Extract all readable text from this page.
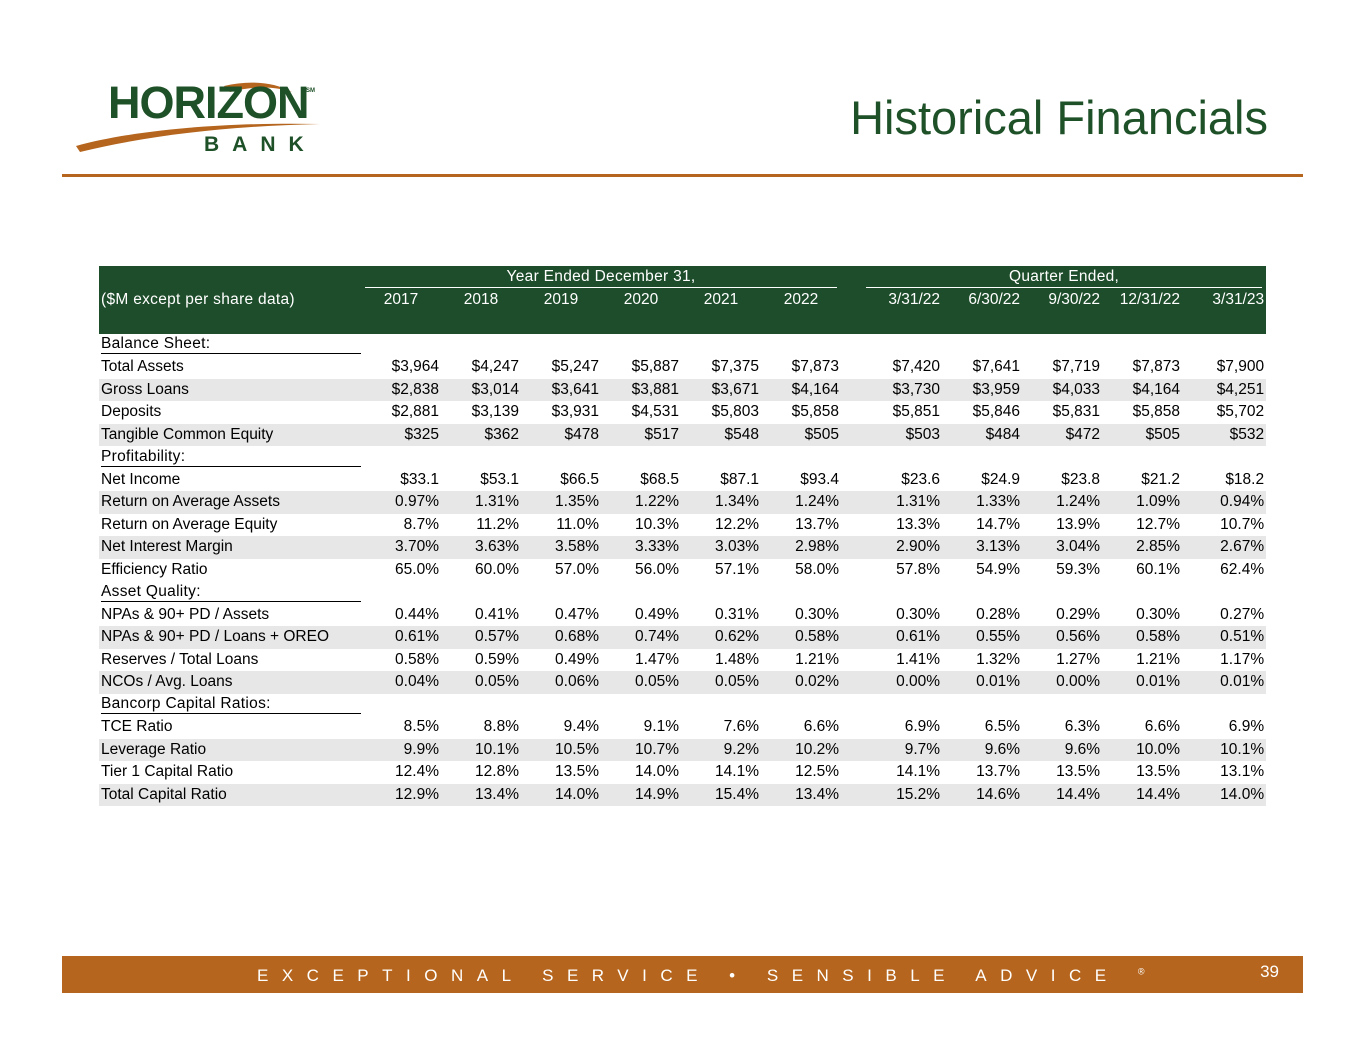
HORIZON
SM
BANK
Historical Financials

	Year Ended December 31,							Quarter Ended,				

($M except per share data)	2017	2018	2019	2020	2021	2022		3/31/22	6/30/22	9/30/22	12/31/22	3/31/23

Balance Sheet:												
Total Assets	$3,964	$4,247	$5,247	$5,887	$7,375	$7,873		$7,420	$7,641	$7,719	$7,873	$7,900
Gross Loans	$2,838	$3,014	$3,641	$3,881	$3,671	$4,164		$3,730	$3,959	$4,033	$4,164	$4,251
Deposits	$2,881	$3,139	$3,931	$4,531	$5,803	$5,858		$5,851	$5,846	$5,831	$5,858	$5,702
Tangible Common Equity	$325	$362	$478	$517	$548	$505		$503	$484	$472	$505	$532
Profitability:												
Net Income	$33.1	$53.1	$66.5	$68.5	$87.1	$93.4		$23.6	$24.9	$23.8	$21.2	$18.2
Return on Average Assets	0.97%	1.31%	1.35%	1.22%	1.34%	1.24%		1.31%	1.33%	1.24%	1.09%	0.94%
Return on Average Equity	8.7%	11.2%	11.0%	10.3%	12.2%	13.7%		13.3%	14.7%	13.9%	12.7%	10.7%
Net Interest Margin	3.70%	3.63%	3.58%	3.33%	3.03%	2.98%		2.90%	3.13%	3.04%	2.85%	2.67%
Efficiency Ratio	65.0%	60.0%	57.0%	56.0%	57.1%	58.0%		57.8%	54.9%	59.3%	60.1%	62.4%
Asset Quality:												
NPAs & 90+ PD / Assets	0.44%	0.41%	0.47%	0.49%	0.31%	0.30%		0.30%	0.28%	0.29%	0.30%	0.27%
NPAs & 90+ PD / Loans + OREO	0.61%	0.57%	0.68%	0.74%	0.62%	0.58%		0.61%	0.55%	0.56%	0.58%	0.51%
Reserves / Total Loans	0.58%	0.59%	0.49%	1.47%	1.48%	1.21%		1.41%	1.32%	1.27%	1.21%	1.17%
NCOs / Avg. Loans	0.04%	0.05%	0.06%	0.05%	0.05%	0.02%		0.00%	0.01%	0.00%	0.01%	0.01%
Bancorp Capital Ratios:												
TCE Ratio	8.5%	8.8%	9.4%	9.1%	7.6%	6.6%		6.9%	6.5%	6.3%	6.6%	6.9%
Leverage Ratio	9.9%	10.1%	10.5%	10.7%	9.2%	10.2%		9.7%	9.6%	9.6%	10.0%	10.1%
Tier 1 Capital Ratio	12.4%	12.8%	13.5%	14.0%	14.1%	12.5%		14.1%	13.7%	13.5%	13.5%	13.1%
Total Capital Ratio	12.9%	13.4%	14.0%	14.9%	15.4%	13.4%		15.2%	14.6%	14.4%	14.4%	14.0%
EXCEPTIONAL SERVICE • SENSIBLE ADVICE ®	39
